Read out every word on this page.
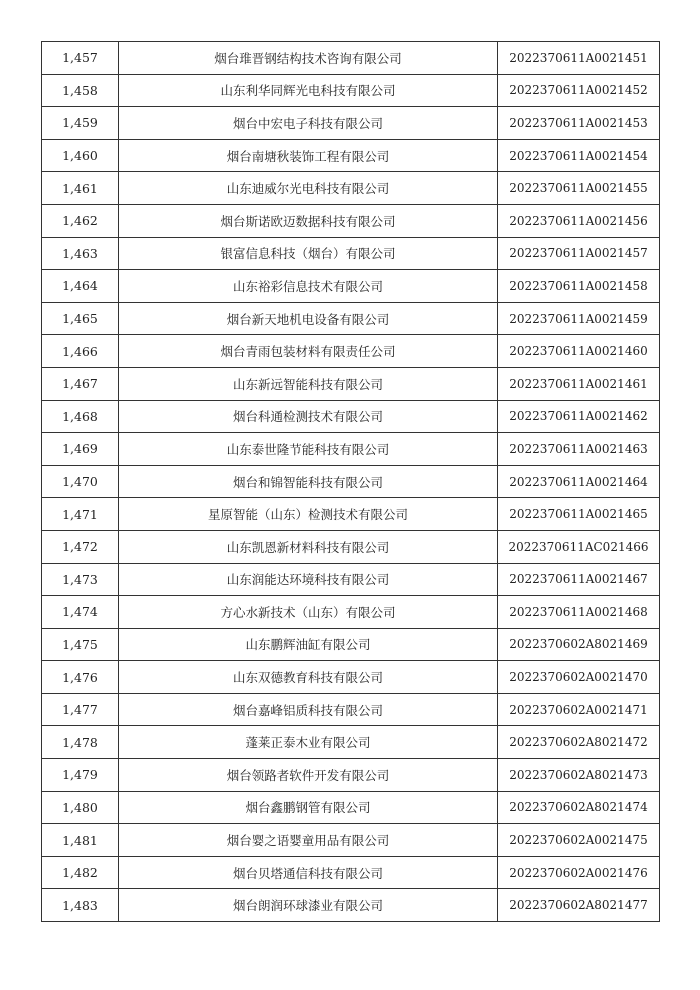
1,457	烟台琟晋钢结构技术咨询有限公司	2022370611A0021451
1,458	山东利华同辉光电科技有限公司	2022370611A0021452
1,459	烟台中宏电子科技有限公司	2022370611A0021453
1,460	烟台南塘秋装饰工程有限公司	2022370611A0021454
1,461	山东迪威尔光电科技有限公司	2022370611A0021455
1,462	烟台斯诺欧迈数据科技有限公司	2022370611A0021456
1,463	银富信息科技（烟台）有限公司	2022370611A0021457
1,464	山东裕彩信息技术有限公司	2022370611A0021458
1,465	烟台新天地机电设备有限公司	2022370611A0021459
1,466	烟台青雨包装材料有限责任公司	2022370611A0021460
1,467	山东新远智能科技有限公司	2022370611A0021461
1,468	烟台科通检测技术有限公司	2022370611A0021462
1,469	山东泰世隆节能科技有限公司	2022370611A0021463
1,470	烟台和锦智能科技有限公司	2022370611A0021464
1,471	星原智能（山东）检测技术有限公司	2022370611A0021465
1,472	山东凯恩新材料科技有限公司	2022370611AC021466
1,473	山东润能达环境科技有限公司	2022370611A0021467
1,474	方心水新技术（山东）有限公司	2022370611A0021468
1,475	山东鹏辉油缸有限公司	2022370602A8021469
1,476	山东双德教育科技有限公司	2022370602A0021470
1,477	烟台嘉峰铝质科技有限公司	2022370602A0021471
1,478	蓬莱正泰木业有限公司	2022370602A8021472
1,479	烟台领路者软件开发有限公司	2022370602A8021473
1,480	烟台鑫鹏钢管有限公司	2022370602A8021474
1,481	烟台婴之语婴童用品有限公司	2022370602A0021475
1,482	烟台贝塔通信科技有限公司	2022370602A0021476
1,483	烟台朗润环球漆业有限公司	2022370602A8021477
